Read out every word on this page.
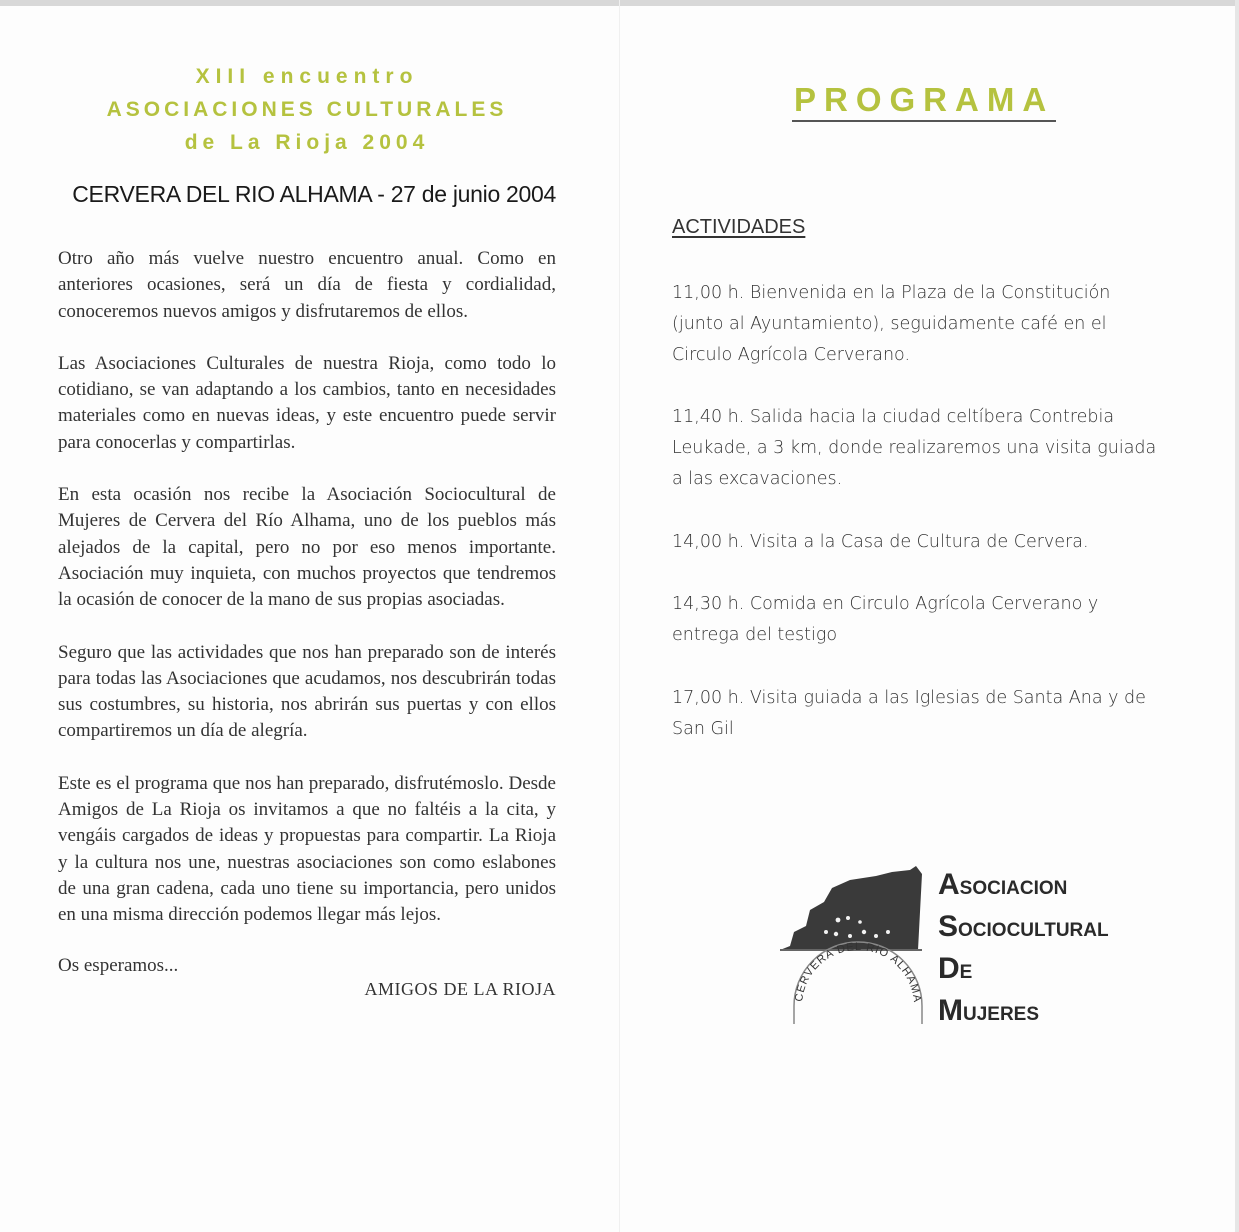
XIII encuentro
ASOCIACIONES CULTURALES
de La Rioja 2004
CERVERA DEL RIO ALHAMA - 27 de junio 2004

Otro año más vuelve nuestro encuentro anual. Como en anteriores ocasiones, será un día de fiesta y cordialidad, conoceremos nuevos amigos y disfrutaremos de ellos.

Las Asociaciones Culturales de nuestra Rioja, como todo lo cotidiano, se van adaptando a los cambios, tanto en necesidades materiales como en nuevas ideas, y este encuentro puede servir para conocerlas y compartirlas.

En esta ocasión nos recibe la Asociación Sociocultural de Mujeres de Cervera del Río Alhama, uno de los pueblos más alejados de la capital, pero no por eso menos importante. Asociación muy inquieta, con muchos proyectos que tendremos la ocasión de conocer de la mano de sus propias asociadas.

Seguro que las actividades que nos han preparado son de interés para todas las Asociaciones que acudamos, nos descubrirán todas sus costumbres, su historia, nos abrirán sus puertas y con ellos compartiremos un día de alegría.

Este es el programa que nos han preparado, disfrutémoslo. Desde Amigos de La Rioja os invitamos a que no faltéis a la cita, y vengáis cargados de ideas y propuestas para compartir. La Rioja y la cultura nos une, nuestras asociaciones son como eslabones de una gran cadena, cada uno tiene su importancia, pero unidos en una misma dirección podemos llegar más lejos.

Os esperamos...
AMIGOS DE LA RIOJA
PROGRAMA
ACTIVIDADES
11,00 h. Bienvenida en la Plaza de la Constitución (junto al Ayuntamiento), seguidamente café en el Circulo Agrícola Cerverano.
11,40 h. Salida hacia la ciudad celtíbera Contrebia Leukade, a 3 km, donde realizaremos una visita guiada a las excavaciones.
14,00 h. Visita a la Casa de Cultura de Cervera.
14,30 h. Comida en Circulo Agrícola Cerverano y entrega del testigo
17,00 h. Visita guiada a las Iglesias de Santa Ana y de San Gil
CERVERA DEL RIO ALHAMA
ASOCIACION
SOCIOCULTURAL
DE
MUJERES
